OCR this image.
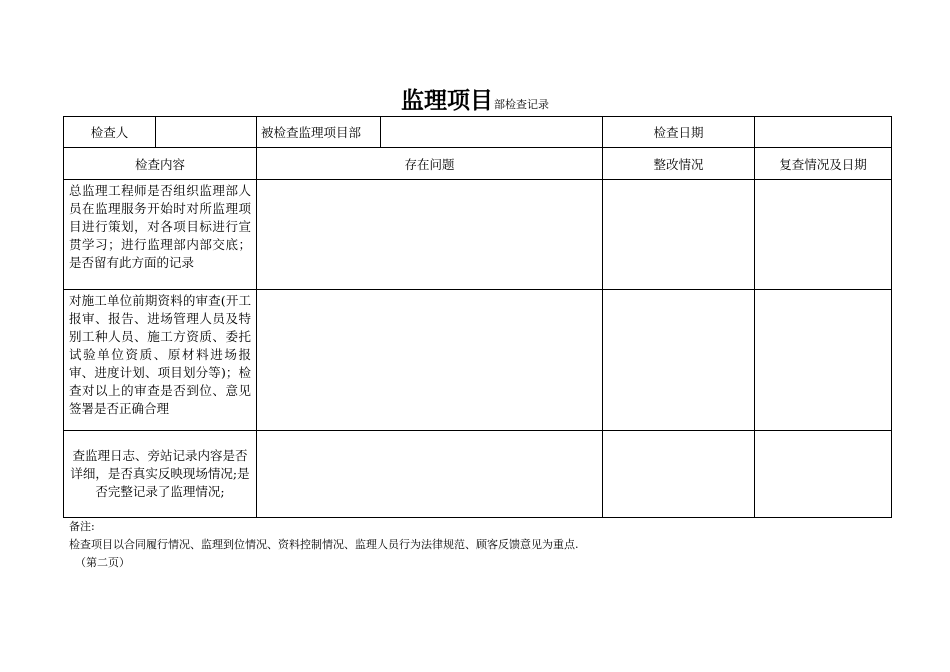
监理项目部检查记录
检查人		被检查监理项目部		检查日期	
检查内容		存在问题		整改情况	复查情况及日期
总监理工程师是否组织监理部人员在监理服务开始时对所监理项目进行策划，对各项目标进行宣贯学习；进行监理部内部交底；是否留有此方面的记录					
对施工单位前期资料的审查(开工报审、报告、进场管理人员及特别工种人员、施工方资质、委托试验单位资质、原材料进场报审、进度计划、项目划分等)；检查对以上的审查是否到位、意见签署是否正确合理					
查监理日志、旁站记录内容是否详细，是否真实反映现场情况;是否完整记录了监理情况;					
备注:
检查项目以合同履行情况、监理到位情况、资料控制情况、监理人员行为法律规范、顾客反馈意见为重点.
（第二页）
